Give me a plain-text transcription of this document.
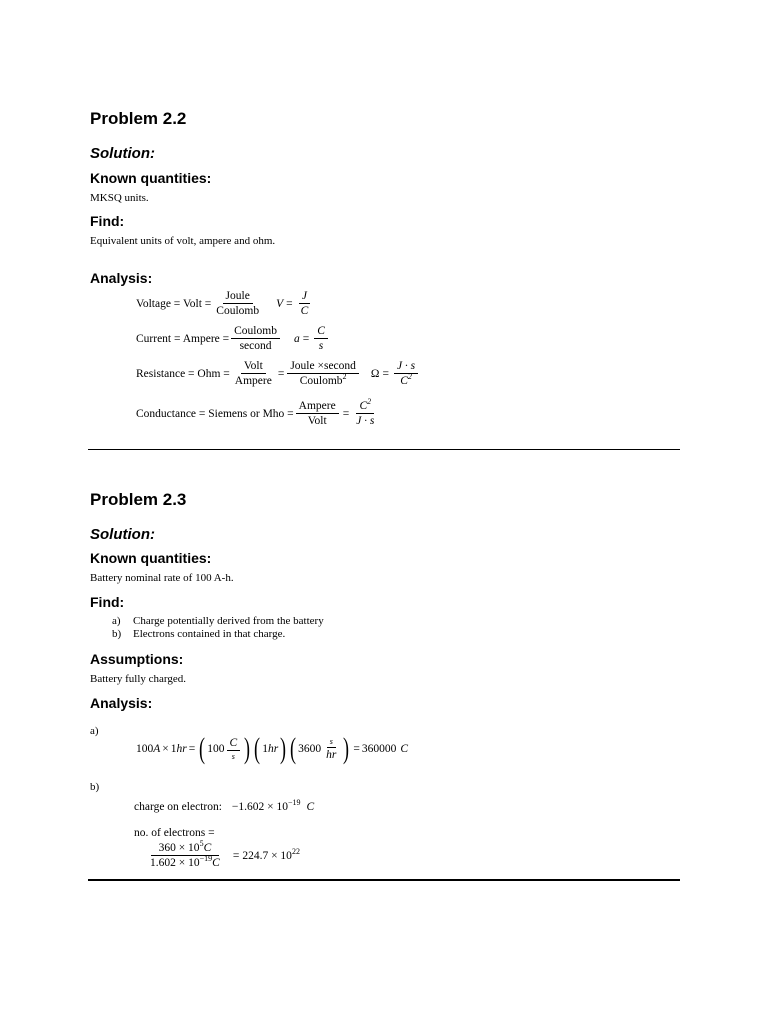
Problem 2.2
Solution:
Known quantities:
MKSQ units.
Find:
Equivalent units of volt, ampere and ohm.
Analysis:
Voltage = Volt = $\frac{\text{Joule}}{\text{Coulomb}}$ $V = \frac{J}{C}$
Current = Ampere = $\frac{\text{Coulomb}}{\text{second}}$ $a = \frac{C}{s}$
Resistance = Ohm = $\frac{\text{Volt}}{\text{Ampere}} = \frac{\text{Joule ×second}}{Coulomb^2}$ $\Omega = \frac{J \cdot s}{C^2}$
Conductance = Siemens or Mho = $\frac{\text{Ampere}}{\text{Volt}} = \frac{C^2}{J \cdot s}$
Problem 2.3
Solution:
Known quantities:
Battery nominal rate of 100 A-h.
Find:
a)	Charge potentially derived from the battery
b)	Electrons contained in that charge.
Assumptions:
Battery fully charged.
Analysis:
a)
100 A × 1 hr = ( $100 \frac{C}{s}$ ) ( 1 hr ) ( $3600 \frac{s}{hr}$ ) = 360000 C
b)
charge on electron: $-1.602 \times 10^{-19}$ C
no. of electrons =
$\frac{360 \times 10^5C}{1.602 \times 10^{-19}C} = 224.7 \times 10^{22}$
